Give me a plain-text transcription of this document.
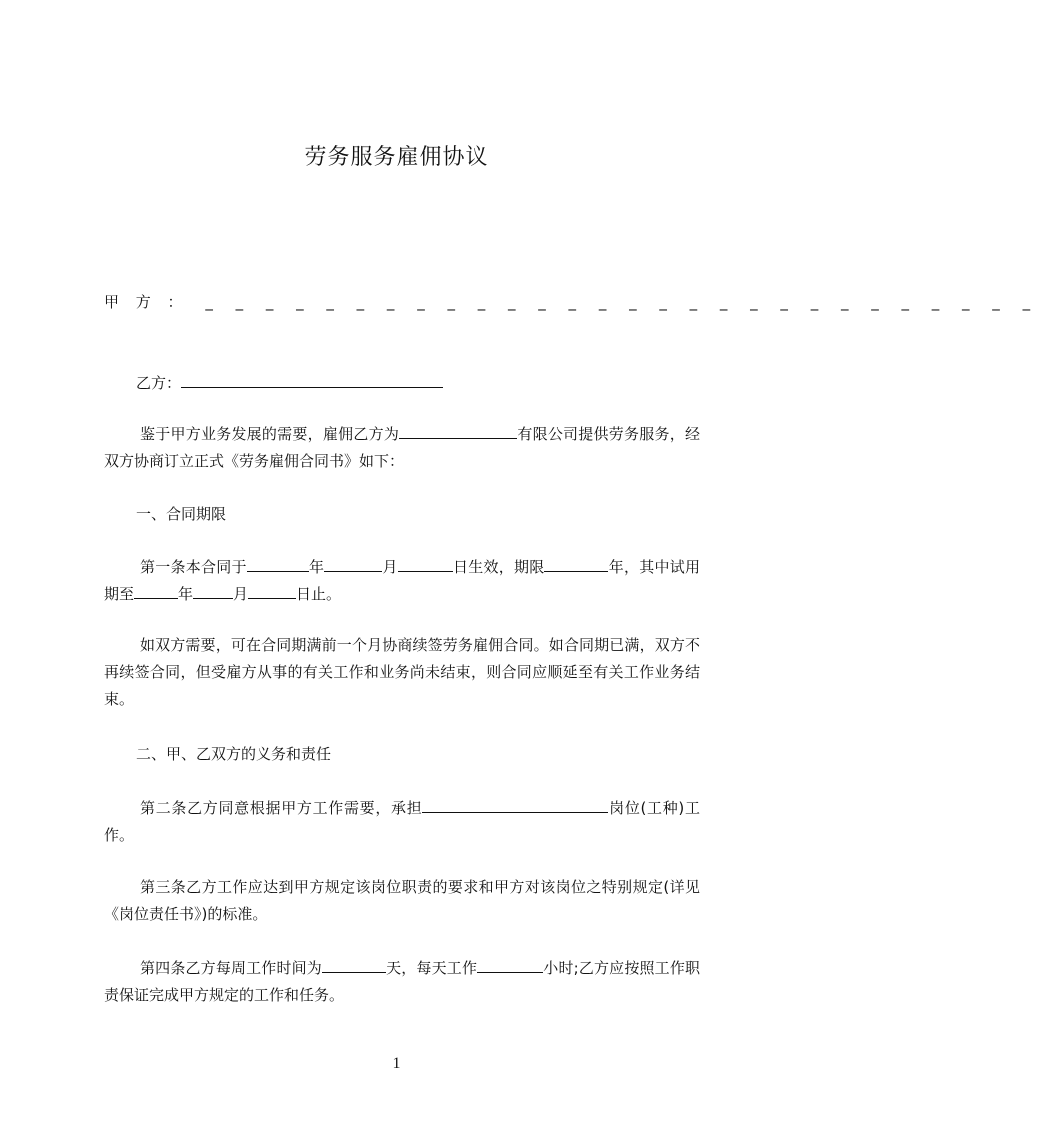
劳务服务雇佣协议
甲 方 ： _ _ _ _ _ _ _ _ _ _ _ _ _ _ _ _ _ _ _ _ _ _ _ _ _ _ _ _
乙方：
鉴于甲方业务发展的需要，雇佣乙方为	有限公司提供劳务服务，经双方协商订立正式《劳务雇佣合同书》如下：
一、合同期限
第一条本合同于	年	月	日生效，期限	年，其中试用期至	年	月	日止。
如双方需要，可在合同期满前一个月协商续签劳务雇佣合同。如合同期已满，双方不再续签合同，但受雇方从事的有关工作和业务尚未结束，则合同应顺延至有关工作业务结束。
二、甲、乙双方的义务和责任
第二条乙方同意根据甲方工作需要，承担	岗位(工种)工作。
第三条乙方工作应达到甲方规定该岗位职责的要求和甲方对该岗位之特别规定(详见《岗位责任书》)的标准。
第四条乙方每周工作时间为	天，每天工作	小时;乙方应按照工作职责保证完成甲方规定的工作和任务。
1
